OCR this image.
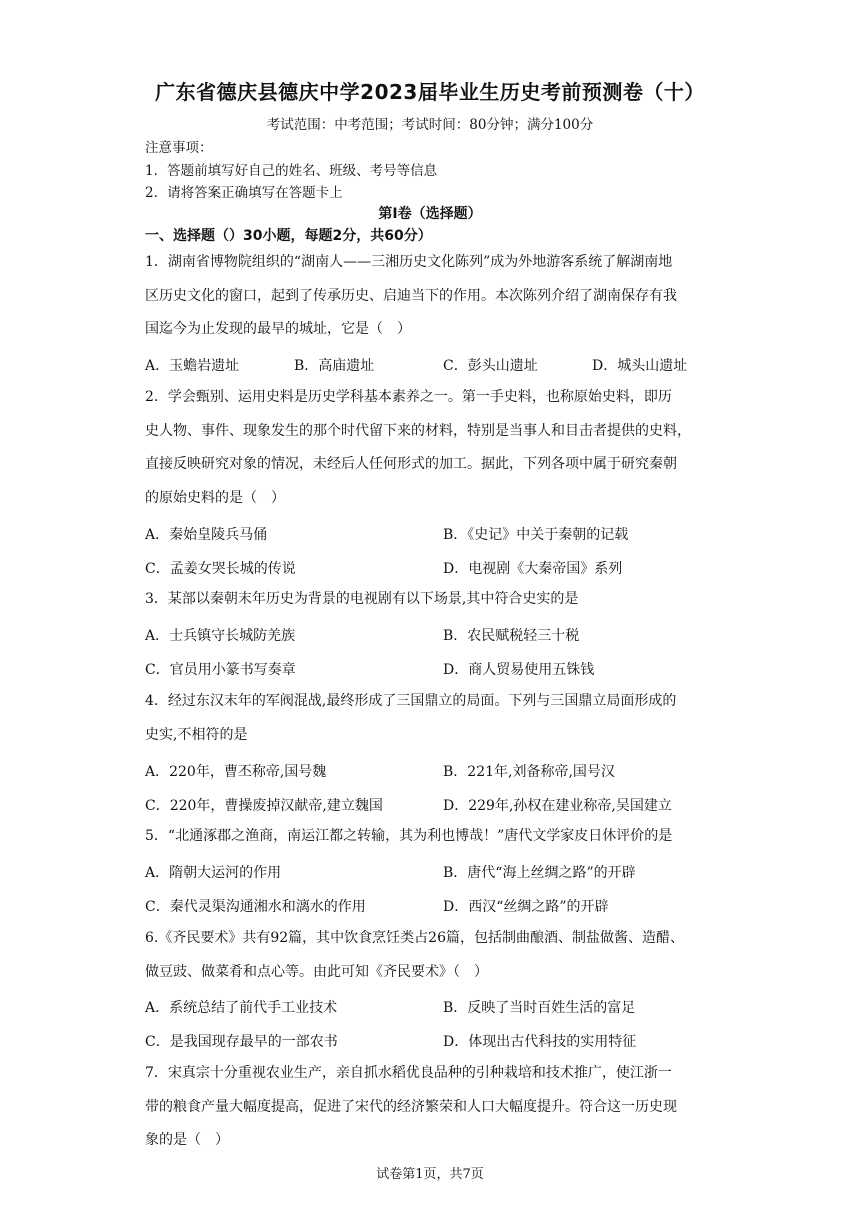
广东省德庆县德庆中学2023届毕业生历史考前预测卷（十）
考试范围：中考范围；考试时间：80分钟；满分100分
注意事项：
1．答题前填写好自己的姓名、班级、考号等信息
2．请将答案正确填写在答题卡上
第I卷（选择题）
一、选择题（）30小题，每题2分，共60分）
1．湖南省博物院组织的“湖南人——三湘历史文化陈列”成为外地游客系统了解湖南地
区历史文化的窗口，起到了传承历史、启迪当下的作用。本次陈列介绍了湖南保存有我
国迄今为止发现的最早的城址，它是（　）
A．玉蟾岩遗址	B．高庙遗址	C．彭头山遗址	D．城头山遗址
2．学会甄别、运用史料是历史学科基本素养之一。第一手史料，也称原始史料，即历
史人物、事件、现象发生的那个时代留下来的材料，特别是当事人和目击者提供的史料，
直接反映研究对象的情况，未经后人任何形式的加工。据此，下列各项中属于研究秦朝
的原始史料的是（　）
A．秦始皇陵兵马俑	B．《史记》中关于秦朝的记载
C．孟姜女哭长城的传说	D．电视剧《大秦帝国》系列
3．某部以秦朝末年历史为背景的电视剧有以下场景,其中符合史实的是
A．士兵镇守长城防羌族	B．农民赋税轻三十税
C．官员用小篆书写奏章	D．商人贸易使用五铢钱
4．经过东汉末年的军阀混战,最终形成了三国鼎立的局面。下列与三国鼎立局面形成的
史实,不相符的是
A．220年，曹丕称帝,国号魏	B．221年,刘备称帝,国号汉
C．220年，曹操废掉汉献帝,建立魏国	D．229年,孙权在建业称帝,吴国建立
5．“北通涿郡之渔商，南运江都之转输，其为利也博哉！”唐代文学家皮日休评价的是
A．隋朝大运河的作用	B．唐代“海上丝绸之路”的开辟
C．秦代灵渠沟通湘水和漓水的作用	D．西汉“丝绸之路”的开辟
6.《齐民要术》共有92篇，其中饮食烹饪类占26篇，包括制曲酿酒、制盐做酱、造醋、
做豆豉、做菜肴和点心等。由此可知《齐民要术》（　）
A．系统总结了前代手工业技术	B．反映了当时百姓生活的富足
C．是我国现存最早的一部农书	D．体现出古代科技的实用特征
7．宋真宗十分重视农业生产，亲自抓水稻优良品种的引种栽培和技术推广，使江浙一
带的粮食产量大幅度提高，促进了宋代的经济繁荣和人口大幅度提升。符合这一历史现
象的是（　）
试卷第1页，共7页
